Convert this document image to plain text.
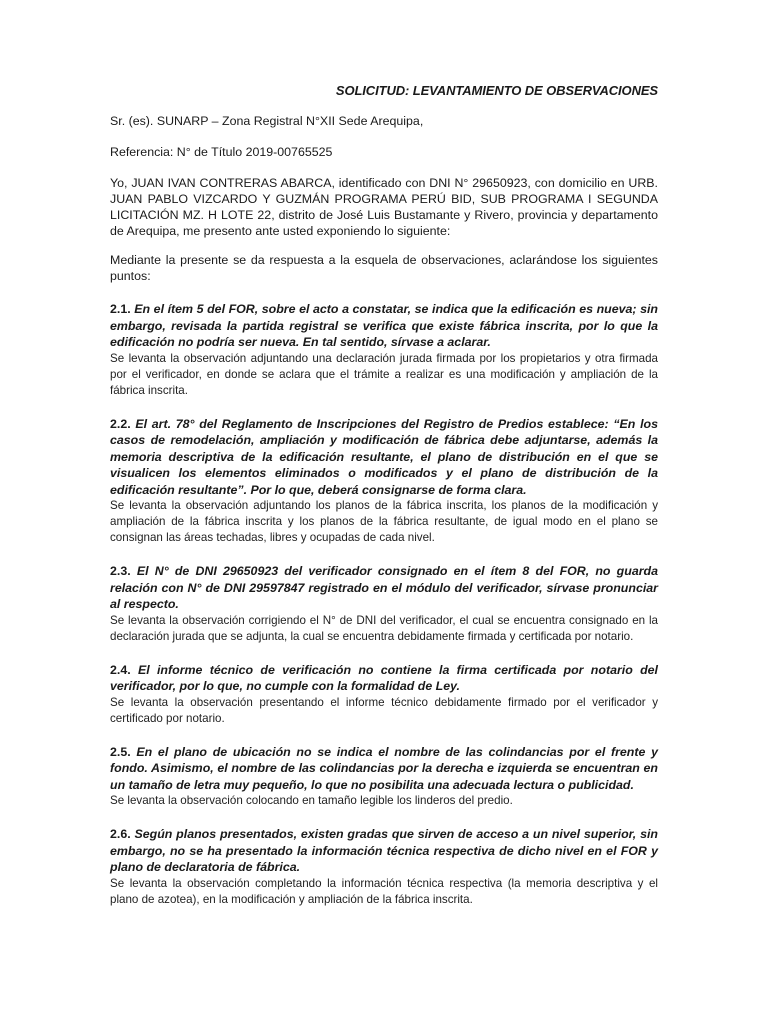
SOLICITUD: LEVANTAMIENTO DE OBSERVACIONES

Sr. (es). SUNARP – Zona Registral N°XII Sede Arequipa,

Referencia: N° de Título 2019-00765525

Yo, JUAN IVAN CONTRERAS ABARCA, identificado con DNI N° 29650923, con domicilio en URB. JUAN PABLO VIZCARDO Y GUZMÁN PROGRAMA PERÚ BID, SUB PROGRAMA I SEGUNDA LICITACIÓN MZ. H LOTE 22, distrito de José Luis Bustamante y Rivero, provincia y departamento de Arequipa, me presento ante usted exponiendo lo siguiente:

Mediante la presente se da respuesta a la esquela de observaciones, aclarándose los siguientes puntos:

2.1. En el ítem 5 del FOR, sobre el acto a constatar, se indica que la edificación es nueva; sin embargo, revisada la partida registral se verifica que existe fábrica inscrita, por lo que la edificación no podría ser nueva. En tal sentido, sírvase a aclarar.

Se levanta la observación adjuntando una declaración jurada firmada por los propietarios y otra firmada por el verificador, en donde se aclara que el trámite a realizar es una modificación y ampliación de la fábrica inscrita.

2.2. El art. 78° del Reglamento de Inscripciones del Registro de Predios establece: “En los casos de remodelación, ampliación y modificación de fábrica debe adjuntarse, además la memoria descriptiva de la edificación resultante, el plano de distribución en el que se visualicen los elementos eliminados o modificados y el plano de distribución de la edificación resultante”. Por lo que, deberá consignarse de forma clara.

Se levanta la observación adjuntando los planos de la fábrica inscrita, los planos de la modificación y ampliación de la fábrica inscrita y los planos de la fábrica resultante, de igual modo en el plano se consignan las áreas techadas, libres y ocupadas de cada nivel.

2.3. El N° de DNI 29650923 del verificador consignado en el ítem 8 del FOR, no guarda relación con N° de DNI 29597847 registrado en el módulo del verificador, sírvase pronunciar al respecto.

Se levanta la observación corrigiendo el N° de DNI del verificador, el cual se encuentra consignado en la declaración jurada que se adjunta, la cual se encuentra debidamente firmada y certificada por notario.

2.4. El informe técnico de verificación no contiene la firma certificada por notario del verificador, por lo que, no cumple con la formalidad de Ley.

Se levanta la observación presentando el informe técnico debidamente firmado por el verificador y certificado por notario.

2.5. En el plano de ubicación no se indica el nombre de las colindancias por el frente y fondo. Asimismo, el nombre de las colindancias por la derecha e izquierda se encuentran en un tamaño de letra muy pequeño, lo que no posibilita una adecuada lectura o publicidad.

Se levanta la observación colocando en tamaño legible los linderos del predio.

2.6. Según planos presentados, existen gradas que sirven de acceso a un nivel superior, sin embargo, no se ha presentado la información técnica respectiva de dicho nivel en el FOR y plano de declaratoria de fábrica.

Se levanta la observación completando la información técnica respectiva (la memoria descriptiva y el plano de azotea), en la modificación y ampliación de la fábrica inscrita.
